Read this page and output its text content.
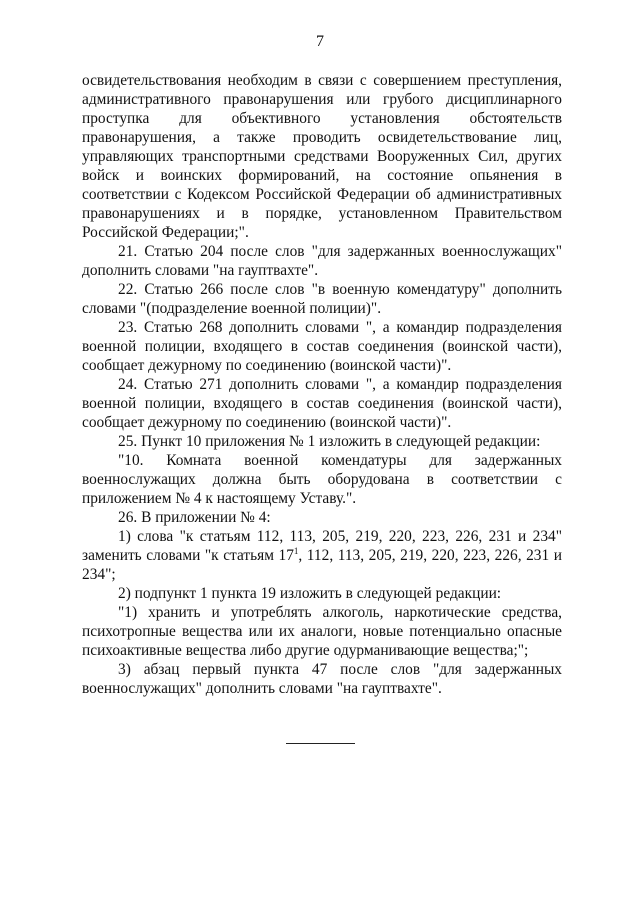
7

освидетельствования необходим в связи с совершением преступления, административного правонарушения или грубого дисциплинарного проступка для объективного установления обстоятельств правонарушения, а также проводить освидетельствование лиц, управляющих транспортными средствами Вооруженных Сил, других войск и воинских формирований, на состояние опьянения в соответствии с Кодексом Российской Федерации об административных правонарушениях и в порядке, установленном Правительством Российской Федерации;".

21. Статью 204 после слов "для задержанных военнослужащих" дополнить словами "на гауптвахте".

22. Статью 266 после слов "в военную комендатуру" дополнить словами "(подразделение военной полиции)".

23. Статью 268 дополнить словами ", а командир подразделения военной полиции, входящего в состав соединения (воинской части), сообщает дежурному по соединению (воинской части)".

24. Статью 271 дополнить словами ", а командир подразделения военной полиции, входящего в состав соединения (воинской части), сообщает дежурному по соединению (воинской части)".

25. Пункт 10 приложения № 1 изложить в следующей редакции:

"10. Комната военной комендатуры для задержанных военнослужащих должна быть оборудована в соответствии с приложением № 4 к настоящему Уставу.".

26. В приложении № 4:

1) слова "к статьям 112, 113, 205, 219, 220, 223, 226, 231 и 234" заменить словами "к статьям $17^1$, 112, 113, 205, 219, 220, 223, 226, 231 и 234";

2) подпункт 1 пункта 19 изложить в следующей редакции:

"1) хранить и употреблять алкоголь, наркотические средства, психотропные вещества или их аналоги, новые потенциально опасные психоактивные вещества либо другие одурманивающие вещества;";

3) абзац первый пункта 47 после слов "для задержанных военнослужащих" дополнить словами "на гауптвахте".
